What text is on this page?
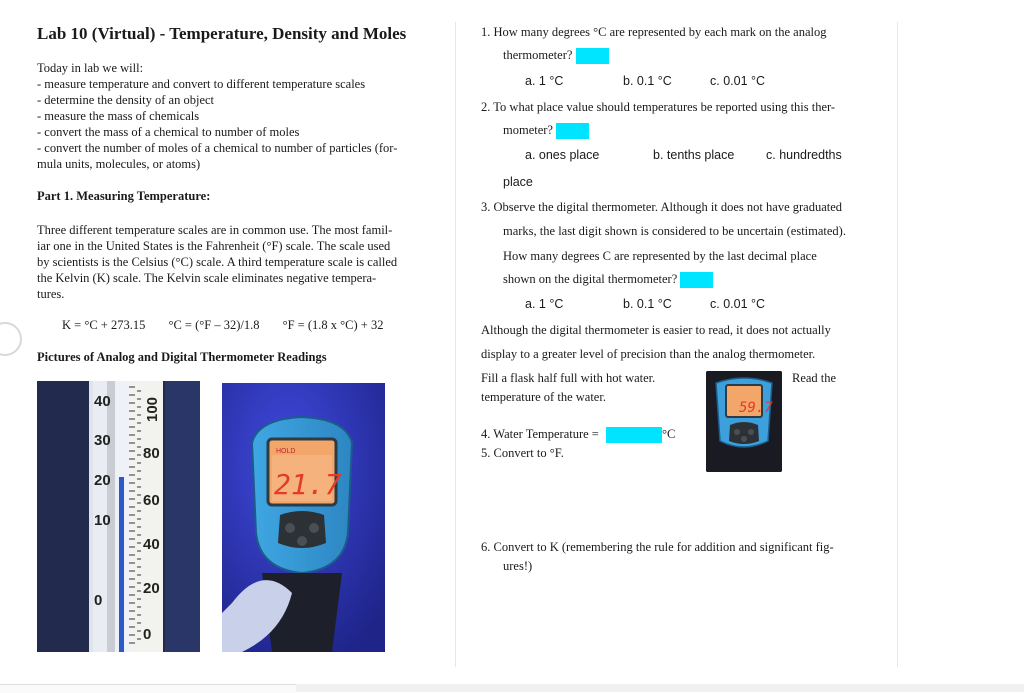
Lab 10 (Virtual) - Temperature, Density and Moles
Today in lab we will:
- measure temperature and convert to different temperature scales
- determine the density of an object
- measure the mass of chemicals
- convert the mass of a chemical to number of moles
- convert the number of moles of a chemical to number of particles (for-
mula units, molecules, or atoms)
Part 1. Measuring Temperature:
Three different temperature scales are in common use. The most famil-
iar one in the United States is the Fahrenheit (°F) scale. The scale used
by scientists is the Celsius (°C) scale. A third temperature scale is called
the Kelvin (K) scale. The Kelvin scale eliminates negative tempera-
tures.
K = °C + 273.15 °C = (°F – 32)/1.8 °F = (1.8 x °C) + 32
Pictures of Analog and Digital Thermometer Readings
40
30
20
10
0
100
80
60
40
20
0
HOLD
21.7
1. How many degrees °C are represented by each mark on the analog
thermometer?
a. 1 °C	b. 0.1 °C	c. 0.01 °C
2. To what place value should temperatures be reported using this ther-
mometer?
a. ones place	b. tenths place	c. hundredths
place
3. Observe the digital thermometer. Although it does not have graduated
marks, the last digit shown is considered to be uncertain (estimated).
How many degrees C are represented by the last decimal place
shown on the digital thermometer?
a. 1 °C	b. 0.1 °C	c. 0.01 °C
Although the digital thermometer is easier to read, it does not actually
display to a greater level of precision than the analog thermometer.
Fill a flask half full with hot water.	Read the
temperature of the water.
59.7
4. Water Temperature =	°C
5. Convert to °F.
6. Convert to K (remembering the rule for addition and significant fig-
ures!)
